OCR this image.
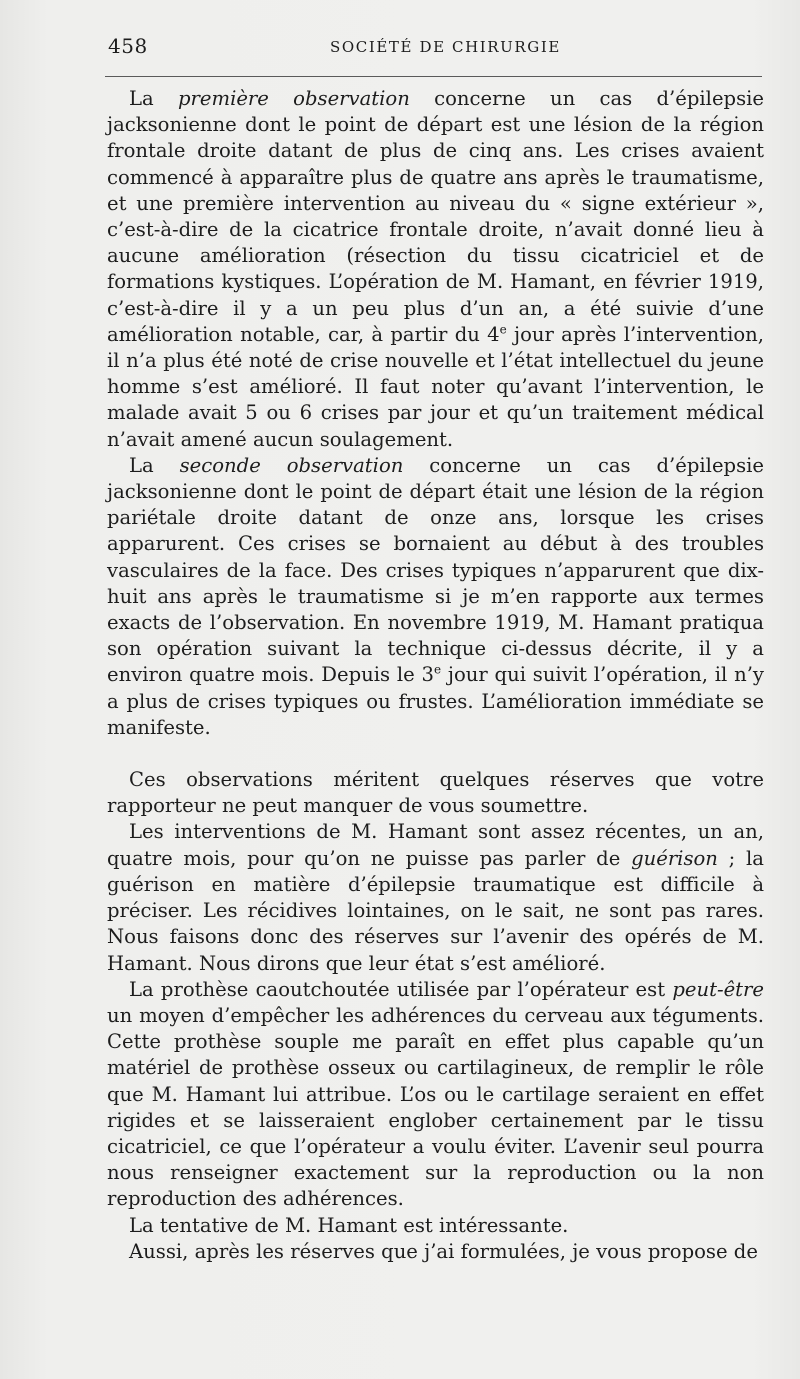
458	SOCIÉTÉ DE CHIRURGIE

La première observation concerne un cas d’épilepsie jacksonienne dont le point de départ est une lésion de la région frontale droite datant de plus de cinq ans. Les crises avaient commencé à apparaître plus de quatre ans après le traumatisme, et une première intervention au niveau du « signe extérieur », c’est-à-dire de la cicatrice frontale droite, n’avait donné lieu à aucune amélioration (résection du tissu cicatriciel et de formations kystiques. L’opération de M. Hamant, en février 1919, c’est-à-dire il y a un peu plus d’un an, a été suivie d’une amélioration notable, car, à partir du 4e jour après l’intervention, il n’a plus été noté de crise nouvelle et l’état intellectuel du jeune homme s’est amélioré. Il faut noter qu’avant l’intervention, le malade avait 5 ou 6 crises par jour et qu’un traitement médical n’avait amené aucun soulagement.

La seconde observation concerne un cas d’épilepsie jacksonienne dont le point de départ était une lésion de la région pariétale droite datant de onze ans, lorsque les crises apparurent. Ces crises se bornaient au début à des troubles vasculaires de la face. Des crises typiques n’apparurent que dix-huit ans après le traumatisme si je m’en rapporte aux termes exacts de l’observation. En novembre 1919, M. Hamant pratiqua son opération suivant la technique ci-dessus décrite, il y a environ quatre mois. Depuis le 3e jour qui suivit l’opération, il n’y a plus de crises typiques ou frustes. L’amélioration immédiate se manifeste.

Ces observations méritent quelques réserves que votre rapporteur ne peut manquer de vous soumettre.

Les interventions de M. Hamant sont assez récentes, un an, quatre mois, pour qu’on ne puisse pas parler de guérison ; la guérison en matière d’épilepsie traumatique est difficile à préciser. Les récidives lointaines, on le sait, ne sont pas rares. Nous faisons donc des réserves sur l’avenir des opérés de M. Hamant. Nous dirons que leur état s’est amélioré.

La prothèse caoutchoutée utilisée par l’opérateur est peut-être un moyen d’empêcher les adhérences du cerveau aux téguments. Cette prothèse souple me paraît en effet plus capable qu’un matériel de prothèse osseux ou cartilagineux, de remplir le rôle que M. Hamant lui attribue. L’os ou le cartilage seraient en effet rigides et se laisseraient englober certainement par le tissu cicatriciel, ce que l’opérateur a voulu éviter. L’avenir seul pourra nous renseigner exactement sur la reproduction ou la non reproduction des adhérences.

La tentative de M. Hamant est intéressante.

Aussi, après les réserves que j’ai formulées, je vous propose de
